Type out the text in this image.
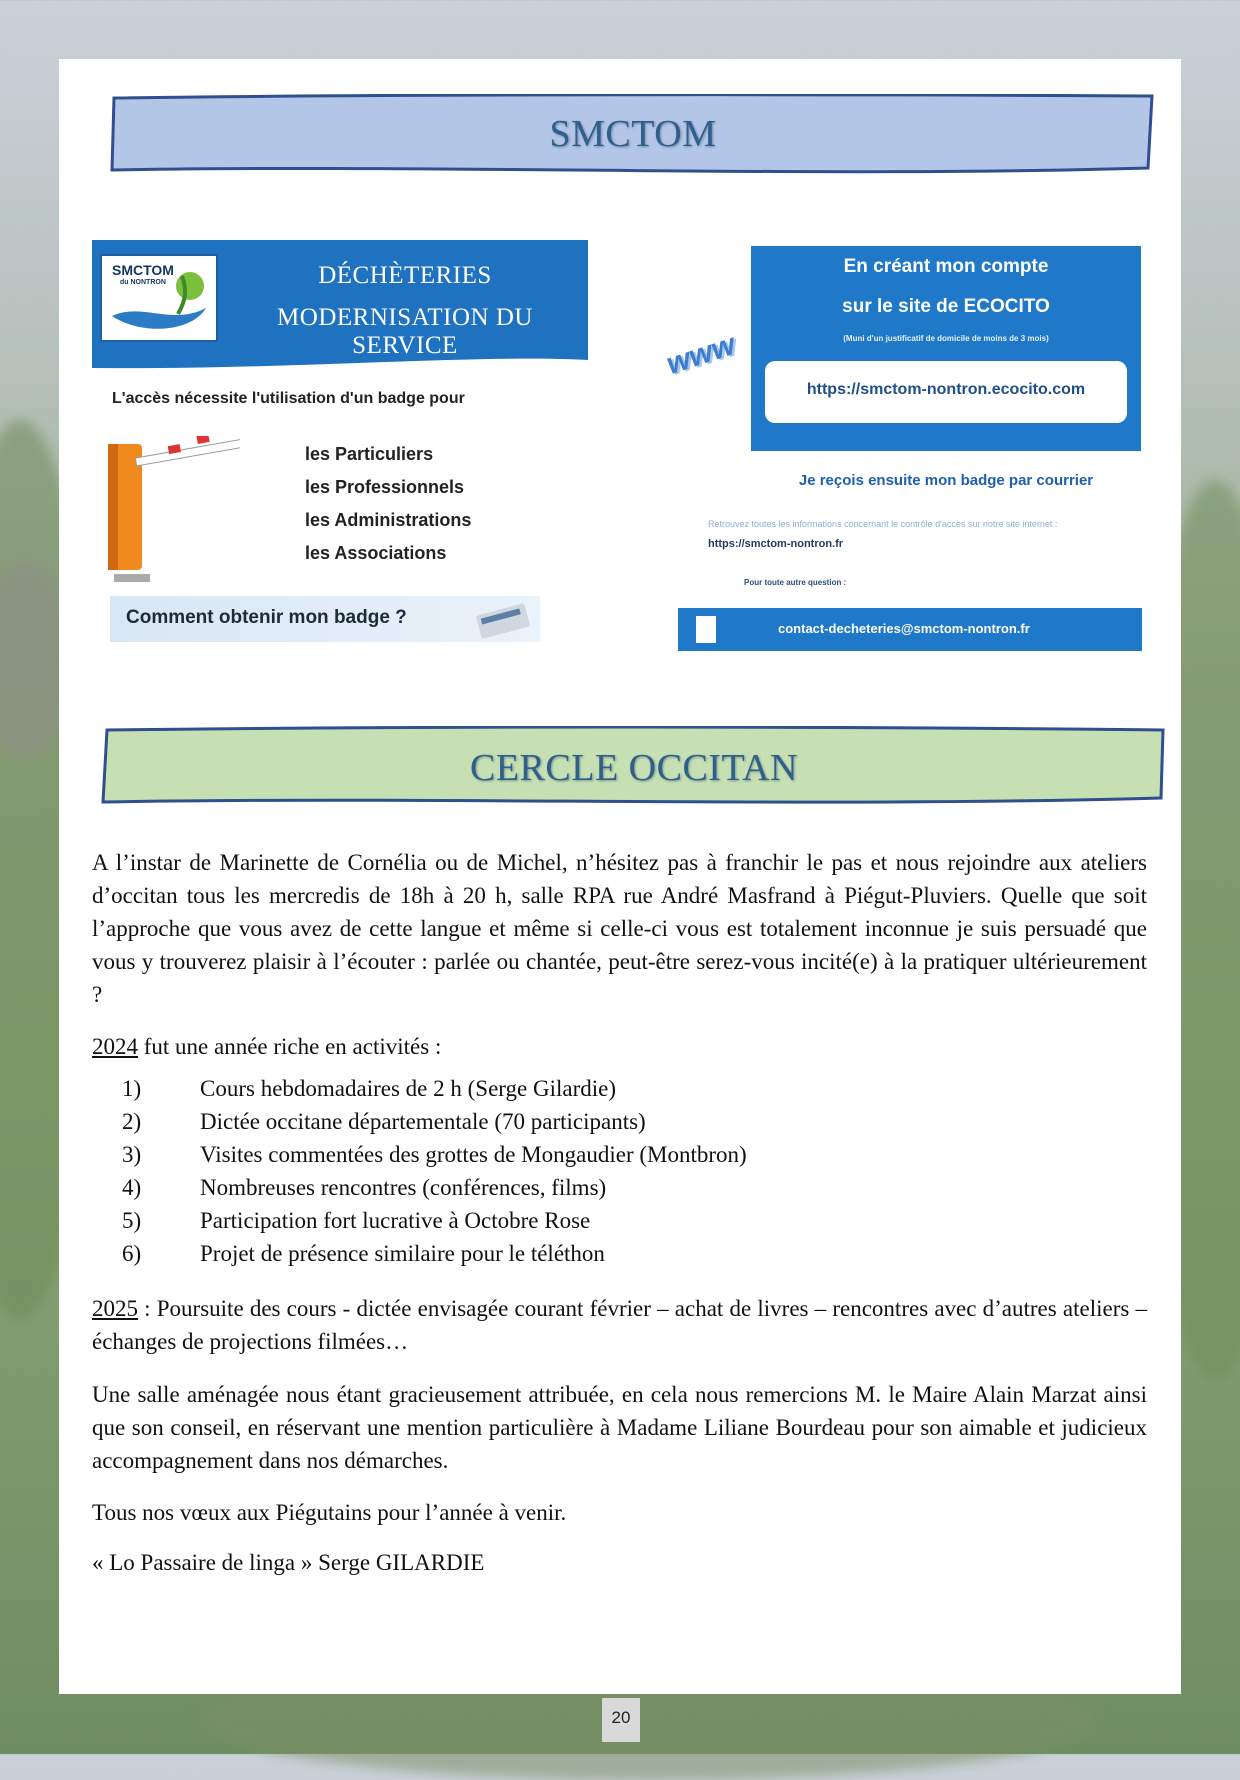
SMCTOM
SMCTOM
du NONTRON	DÉCHÈTERIES
MODERNISATION DU SERVICE
L'accès nécessite l'utilisation d'un badge pour
les Particuliers
les Professionnels
les Administrations
les Associations
Comment obtenir mon badge ?
En créant mon compte
sur le site de ECOCITO
(Muni d'un justificatif de domicile de moins de 3 mois)
https://smctom-nontron.ecocito.com
www
Je reçois ensuite mon badge par courrier
Retrouvez toutes les informations concernant le contrôle d'accès sur notre site internet :
https://smctom-nontron.fr
Pour toute autre question :
contact-decheteries@smctom-nontron.fr
CERCLE OCCITAN
A l’instar de Marinette de Cornélia ou de Michel, n’hésitez pas à franchir le pas et nous rejoindre aux ateliers d’occitan tous les mercredis de 18h à 20 h, salle RPA rue André Masfrand à Piégut-Pluviers. Quelle que soit l’approche que vous avez de cette langue et même si celle-ci vous est totalement inconnue je suis persuadé que vous y trouverez plaisir à l’écouter : parlée ou chantée, peut-être serez-vous incité(e) à la pratiquer ultérieurement ?
2024 fut une année riche en activités :
1)	Cours hebdomadaires de 2 h (Serge Gilardie)
2)	Dictée occitane départementale (70 participants)
3)	Visites commentées des grottes de Mongaudier (Montbron)
4)	Nombreuses rencontres (conférences, films)
5)	Participation fort lucrative à Octobre Rose
6)	Projet de présence similaire pour le téléthon
2025 : Poursuite des cours - dictée envisagée courant février – achat de livres – rencontres avec d’autres ateliers – échanges de projections filmées…
Une salle aménagée nous étant gracieusement attribuée, en cela nous remercions M. le Maire Alain Marzat ainsi que son conseil, en réservant une mention particulière à Madame Liliane Bourdeau pour son aimable et judicieux accompagnement dans nos démarches.
Tous nos vœux aux Piégutains pour l’année à venir.
« Lo Passaire de linga » Serge GILARDIE
20
